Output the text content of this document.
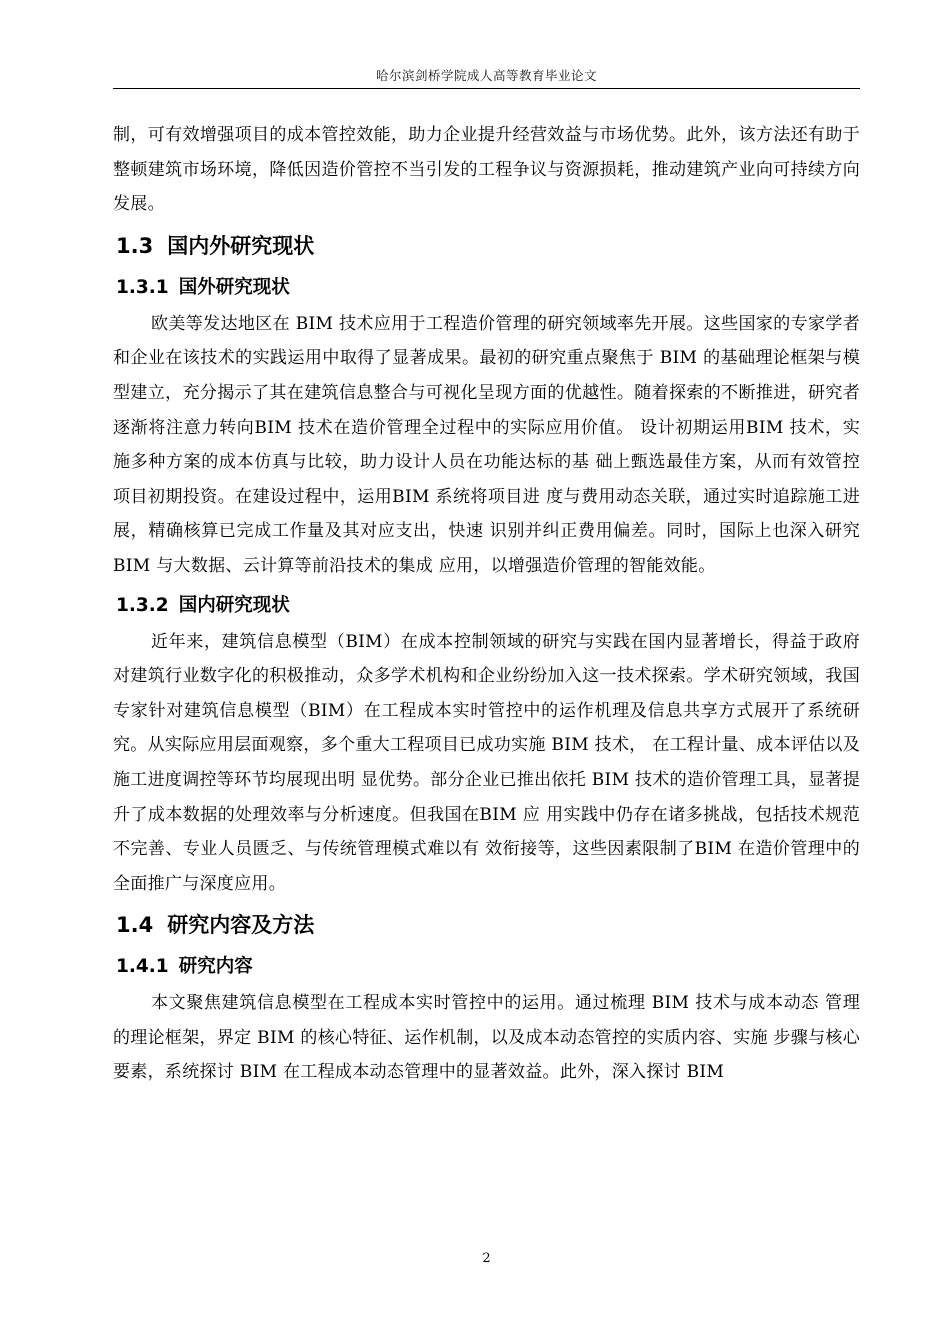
哈尔滨剑桥学院成人高等教育毕业论文

制，可有效增强项目的成本管控效能，助力企业提升经营效益与市场优势。此外，该方法还有助于整顿建筑市场环境，降低因造价管控不当引发的工程争议与资源损耗，推动建筑产业向可持续方向发展。

1.3 国内外研究现状
1.3.1 国外研究现状

欧美等发达地区在 BIM 技术应用于工程造价管理的研究领域率先开展。这些国家的专家学者和企业在该技术的实践运用中取得了显著成果。最初的研究重点聚焦于 BIM 的基础理论框架与模型建立，充分揭示了其在建筑信息整合与可视化呈现方面的优越性。随着探索的不断推进，研究者逐渐将注意力转向BIM 技术在造价管理全过程中的实际应用价值。 设计初期运用BIM 技术，实施多种方案的成本仿真与比较，助力设计人员在功能达标的基 础上甄选最佳方案，从而有效管控项目初期投资。在建设过程中，运用BIM 系统将项目进 度与费用动态关联，通过实时追踪施工进展，精确核算已完成工作量及其对应支出，快速 识别并纠正费用偏差。同时，国际上也深入研究 BIM 与大数据、云计算等前沿技术的集成 应用，以增强造价管理的智能效能。

1.3.2 国内研究现状

近年来，建筑信息模型（BIM）在成本控制领域的研究与实践在国内显著增长，得益于政府对建筑行业数字化的积极推动，众多学术机构和企业纷纷加入这一技术探索。学术研究领域，我国专家针对建筑信息模型（BIM）在工程成本实时管控中的运作机理及信息共享方式展开了系统研究。从实际应用层面观察，多个重大工程项目已成功实施 BIM 技术， 在工程计量、成本评估以及施工进度调控等环节均展现出明 显优势。部分企业已推出依托 BIM 技术的造价管理工具，显著提升了成本数据的处理效率与分析速度。但我国在BIM 应 用实践中仍存在诸多挑战，包括技术规范不完善、专业人员匮乏、与传统管理模式难以有 效衔接等，这些因素限制了BIM 在造价管理中的全面推广与深度应用。

1.4 研究内容及方法
1.4.1 研究内容

本文聚焦建筑信息模型在工程成本实时管控中的运用。通过梳理 BIM 技术与成本动态 管理的理论框架，界定 BIM 的核心特征、运作机制，以及成本动态管控的实质内容、实施 步骤与核心要素，系统探讨 BIM 在工程成本动态管理中的显著效益。此外，深入探讨 BIM

2
